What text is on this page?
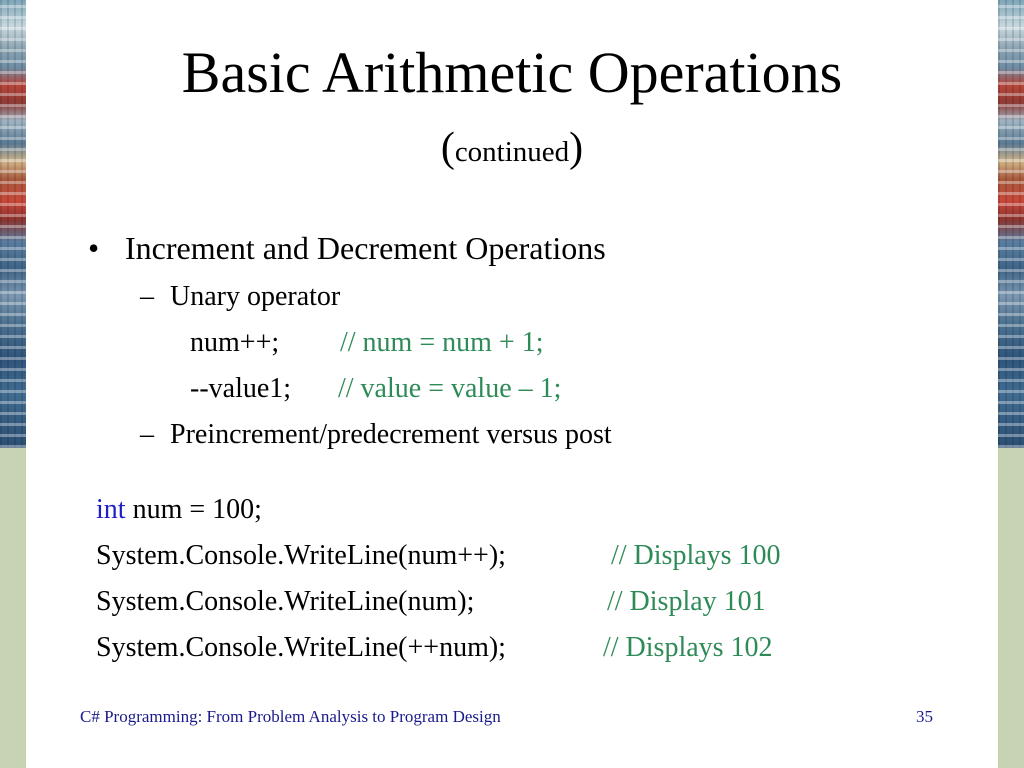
Basic Arithmetic Operations
(continued)
• Increment and Decrement Operations
– Unary operator
num++; // num = num + 1;
--value1; // value = value – 1;
– Preincrement/predecrement versus post
int num = 100;
System.Console.WriteLine(num++);	// Displays 100
System.Console.WriteLine(num);	// Display 101
System.Console.WriteLine(++num);	// Displays 102
C# Programming: From Problem Analysis to Program Design	35
